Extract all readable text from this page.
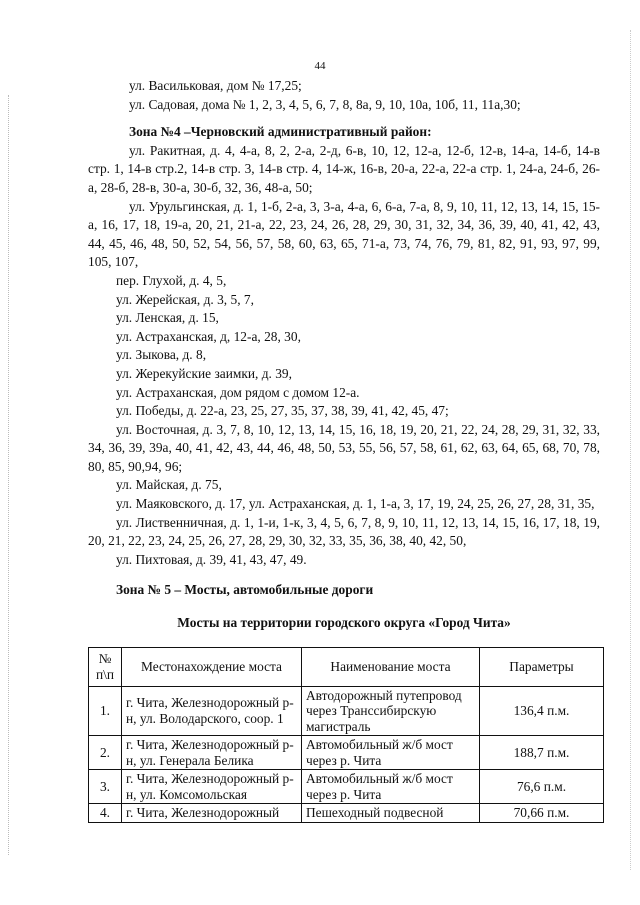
44

ул. Васильковая, дом № 17,25;

ул. Садовая, дома № 1, 2, 3, 4, 5, 6, 7, 8, 8а, 9, 10, 10а, 10б, 11, 11а,30;

Зона №4 –Черновский административный район:

ул. Ракитная, д. 4, 4-а, 8, 2, 2-а, 2-д, 6-в, 10, 12, 12-а, 12-б, 12-в, 14-а, 14-б, 14-в стр. 1, 14-в стр.2, 14-в стр. 3, 14-в стр. 4, 14-ж, 16-в, 20-а, 22-а, 22-а стр. 1, 24-а, 24-б, 26-а, 28-б, 28-в, 30-а, 30-б, 32, 36, 48-а, 50;

ул. Урульгинская, д. 1, 1-б, 2-а, 3, 3-а, 4-а, 6, 6-а, 7-а, 8, 9, 10, 11, 12, 13, 14, 15, 15-а, 16, 17, 18, 19-а, 20, 21, 21-а, 22, 23, 24, 26, 28, 29, 30, 31, 32, 34, 36, 39, 40, 41, 42, 43, 44, 45, 46, 48, 50, 52, 54, 56, 57, 58, 60, 63, 65, 71-а, 73, 74, 76, 79, 81, 82, 91, 93, 97, 99, 105, 107,

пер. Глухой, д. 4, 5,

ул. Жерейская, д. 3, 5, 7,

ул. Ленская, д. 15,

ул. Астраханская, д, 12-а, 28, 30,

ул. Зыкова, д. 8,

ул. Жерекуйские заимки, д. 39,

ул. Астраханская, дом рядом с домом 12-а.

ул. Победы, д. 22-а, 23, 25, 27, 35, 37, 38, 39, 41, 42, 45, 47;

ул. Восточная, д. 3, 7, 8, 10, 12, 13, 14, 15, 16, 18, 19, 20, 21, 22, 24, 28, 29, 31, 32, 33, 34, 36, 39, 39а, 40, 41, 42, 43, 44, 46, 48, 50, 53, 55, 56, 57, 58, 61, 62, 63, 64, 65, 68, 70, 78, 80, 85, 90,94, 96;

ул. Майская, д. 75,

ул. Маяковского, д. 17, ул. Астраханская, д. 1, 1-а, 3, 17, 19, 24, 25, 26, 27, 28, 31, 35,

ул. Лиственничная, д. 1, 1-и, 1-к, 3, 4, 5, 6, 7, 8, 9, 10, 11, 12, 13, 14, 15, 16, 17, 18, 19, 20, 21, 22, 23, 24, 25, 26, 27, 28, 29, 30, 32, 33, 35, 36, 38, 40, 42, 50,

ул. Пихтовая, д. 39, 41, 43, 47, 49.

Зона № 5 – Мосты, автомобильные дороги

Мосты на территории городского округа «Город Чита»

№ п\п	Местонахождение моста	Наименование моста	Параметры
1.	г. Чита, Железнодорожный р-н, ул. Володарского, соор. 1	Автодорожный путепровод через Транссибирскую магистраль	136,4 п.м.
2.	г. Чита, Железнодорожный р-н, ул. Генерала Белика	Автомобильный ж/б мост через р. Чита	188,7 п.м.
3.	г. Чита, Железнодорожный р-н, ул. Комсомольская	Автомобильный ж/б мост через р. Чита	76,6 п.м.
4.	г. Чита, Железнодорожный	Пешеходный подвесной	70,66 п.м.
